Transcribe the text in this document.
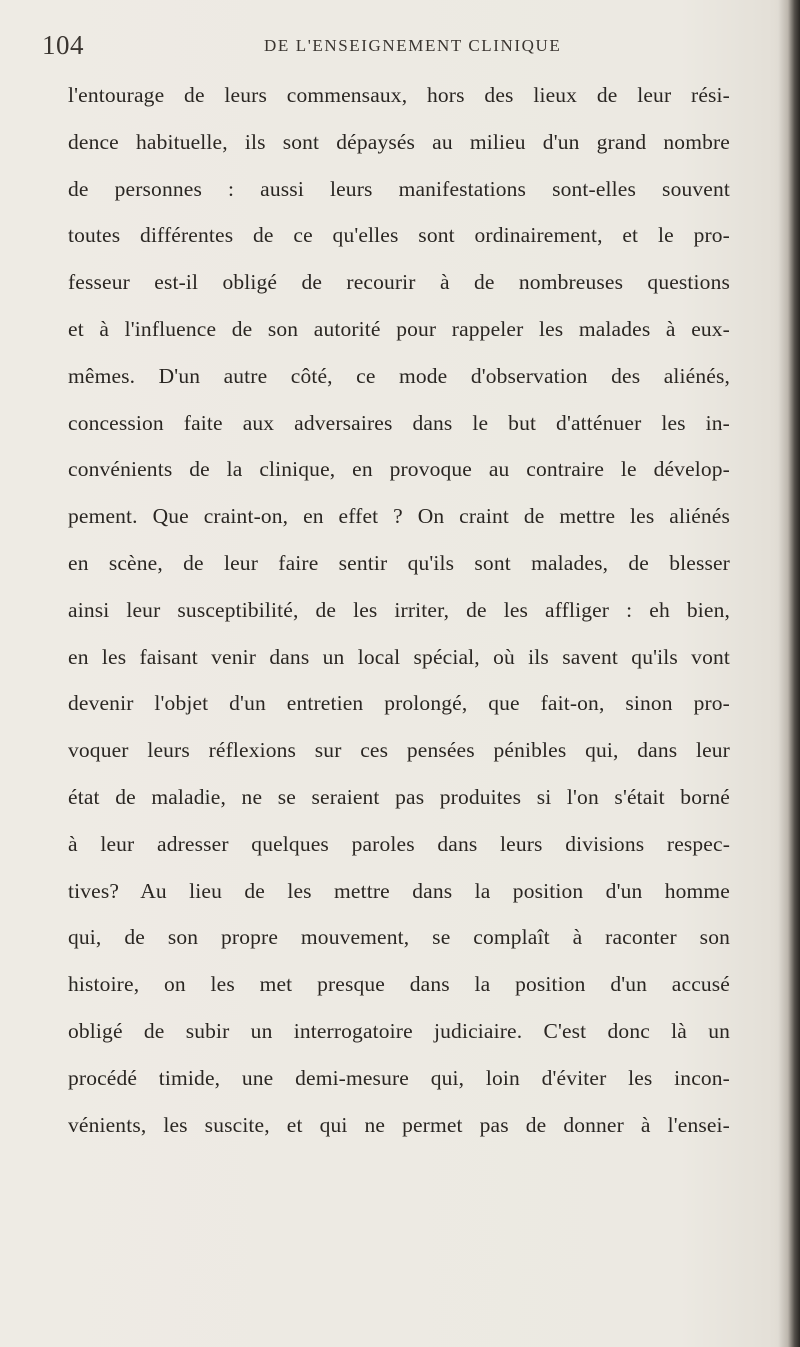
104	DE L'ENSEIGNEMENT CLINIQUE
l'entourage de leurs commensaux, hors des lieux de leur rési-
dence habituelle, ils sont dépaysés au milieu d'un grand nombre
de personnes : aussi leurs manifestations sont-elles souvent
toutes différentes de ce qu'elles sont ordinairement, et le pro-
fesseur est-il obligé de recourir à de nombreuses questions
et à l'influence de son autorité pour rappeler les malades à eux-
mêmes. D'un autre côté, ce mode d'observation des aliénés,
concession faite aux adversaires dans le but d'atténuer les in-
convénients de la clinique, en provoque au contraire le dévelop-
pement. Que craint-on, en effet ? On craint de mettre les aliénés
en scène, de leur faire sentir qu'ils sont malades, de blesser
ainsi leur susceptibilité, de les irriter, de les affliger : eh bien,
en les faisant venir dans un local spécial, où ils savent qu'ils vont
devenir l'objet d'un entretien prolongé, que fait-on, sinon pro-
voquer leurs réflexions sur ces pensées pénibles qui, dans leur
état de maladie, ne se seraient pas produites si l'on s'était borné
à leur adresser quelques paroles dans leurs divisions respec-
tives? Au lieu de les mettre dans la position d'un homme
qui, de son propre mouvement, se complaît à raconter son
histoire, on les met presque dans la position d'un accusé
obligé de subir un interrogatoire judiciaire. C'est donc là un
procédé timide, une demi-mesure qui, loin d'éviter les incon-
vénients, les suscite, et qui ne permet pas de donner à l'ensei-
